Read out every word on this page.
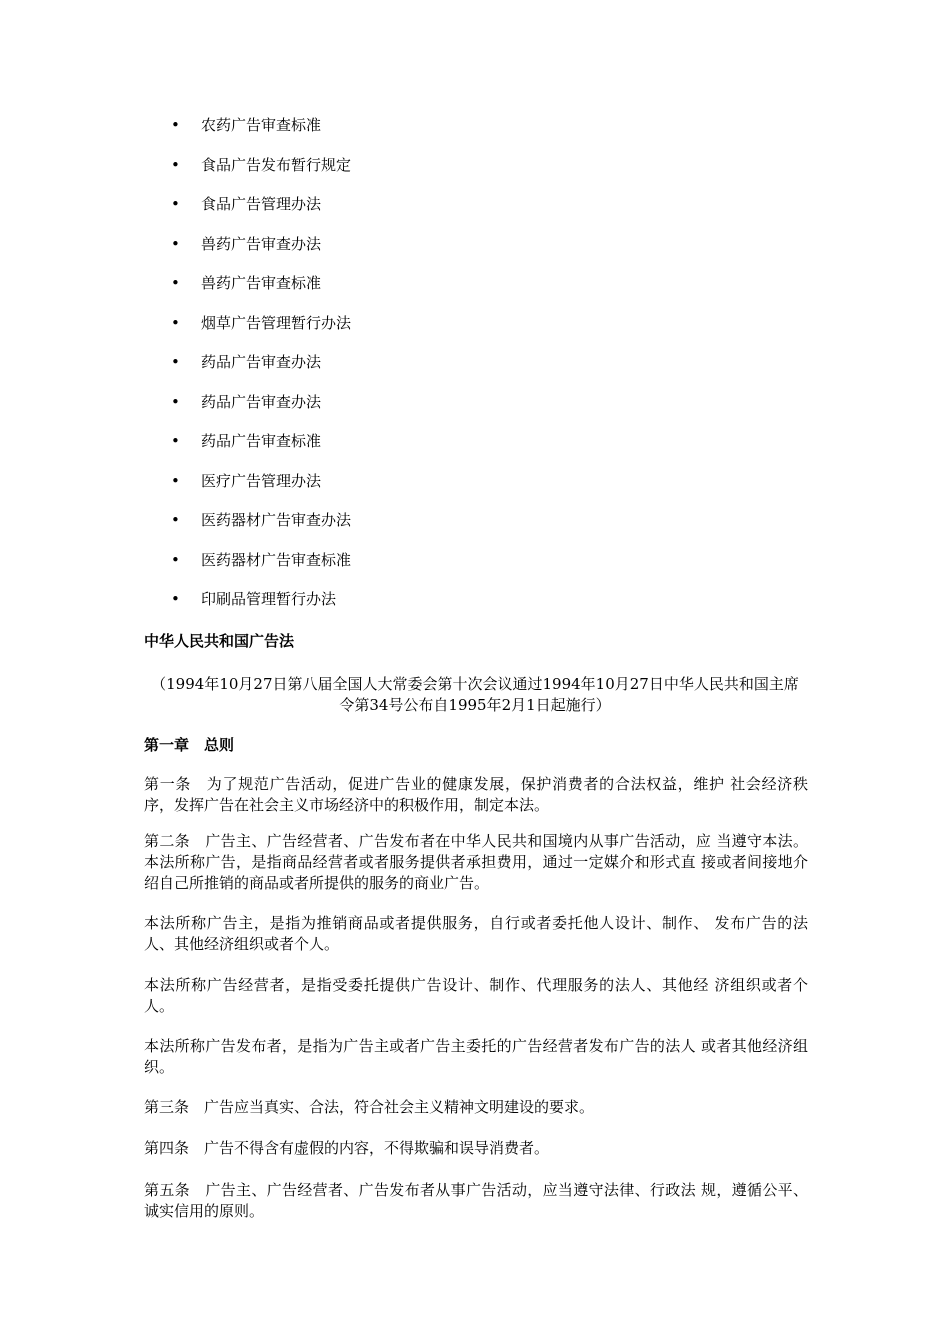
• 农药广告审查标准
• 食品广告发布暂行规定
• 食品广告管理办法
• 兽药广告审查办法
• 兽药广告审查标准
• 烟草广告管理暂行办法
• 药品广告审查办法
• 药品广告审查办法
• 药品广告审查标准
• 医疗广告管理办法
• 医药器材广告审查办法
• 医药器材广告审查标准
• 印刷品管理暂行办法
中华人民共和国广告法
（1994年10月27日第八届全国人大常委会第十次会议通过1994年10月27日中华人民共和国主席令第34号公布自1995年2月1日起施行）
第一章　总则
第一条　为了规范广告活动，促进广告业的健康发展，保护消费者的合法权益，维护 社会经济秩序，发挥广告在社会主义市场经济中的积极作用，制定本法。
第二条　广告主、广告经营者、广告发布者在中华人民共和国境内从事广告活动，应 当遵守本法。本法所称广告，是指商品经营者或者服务提供者承担费用，通过一定媒介和形式直 接或者间接地介绍自己所推销的商品或者所提供的服务的商业广告。
本法所称广告主，是指为推销商品或者提供服务，自行或者委托他人设计、制作、 发布广告的法人、其他经济组织或者个人。
本法所称广告经营者，是指受委托提供广告设计、制作、代理服务的法人、其他经 济组织或者个人。
本法所称广告发布者，是指为广告主或者广告主委托的广告经营者发布广告的法人 或者其他经济组织。
第三条　广告应当真实、合法，符合社会主义精神文明建设的要求。
第四条　广告不得含有虚假的内容，不得欺骗和误导消费者。
第五条　广告主、广告经营者、广告发布者从事广告活动，应当遵守法律、行政法 规，遵循公平、诚实信用的原则。
